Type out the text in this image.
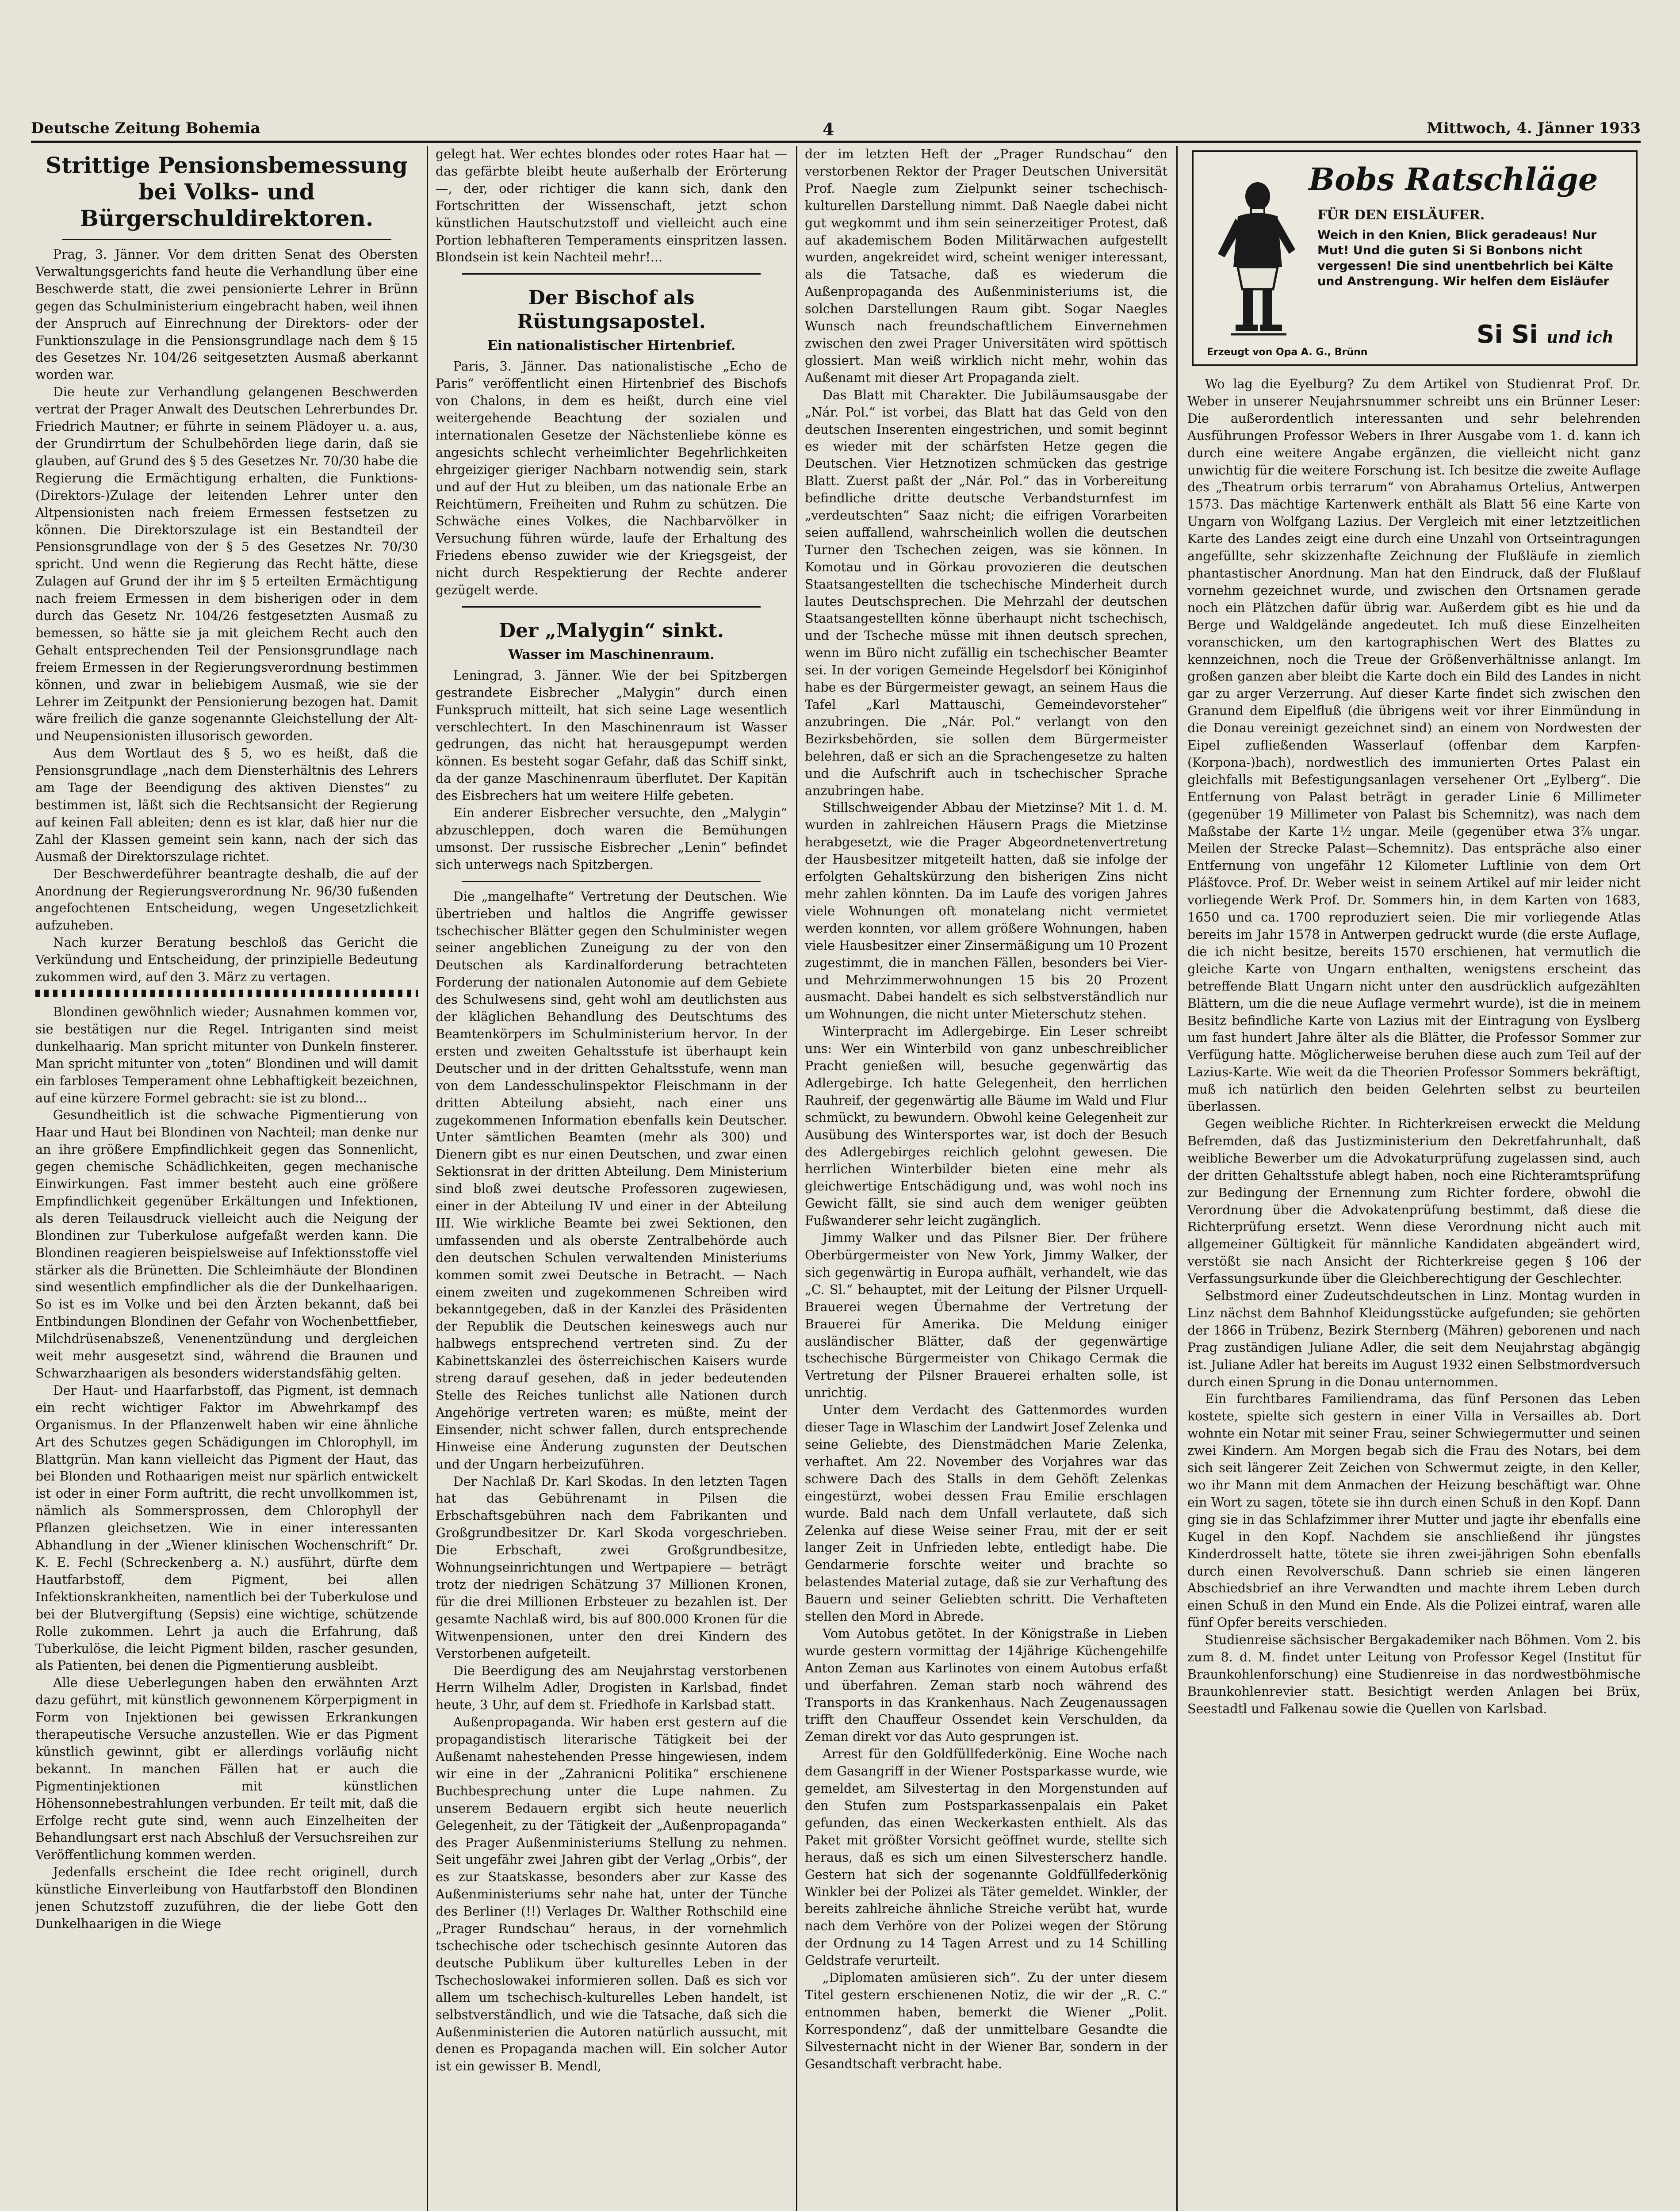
Deutsche Zeitung Bohemia	4	Mittwoch, 4. Jänner 1933
Strittige Pensionsbemessung bei Volks- und Bürgerschuldirektoren.

Prag, 3. Jänner. Vor dem dritten Senat des Obersten Verwaltungsgerichts fand heute die Verhandlung über eine Beschwerde statt, die zwei pensionierte Lehrer in Brünn gegen das Schulministerium eingebracht haben, weil ihnen der Anspruch auf Einrechnung der Direktors- oder der Funktionszulage in die Pensionsgrundlage nach dem § 15 des Gesetzes Nr. 104/26 seitgesetzten Ausmaß aberkannt worden war.

Die heute zur Verhandlung gelangenen Beschwerden vertrat der Prager Anwalt des Deutschen Lehrerbundes Dr. Friedrich Mautner; er führte in seinem Plädoyer u. a. aus, der Grundirrtum der Schulbehörden liege darin, daß sie glauben, auf Grund des § 5 des Gesetzes Nr. 70/30 habe die Regierung die Ermächtigung erhalten, die Funktions-(Direktors-)Zulage der leitenden Lehrer unter den Altpensionisten nach freiem Ermessen festsetzen zu können. Die Direktorszulage ist ein Bestandteil der Pensionsgrundlage von der § 5 des Gesetzes Nr. 70/30 spricht. Und wenn die Regierung das Recht hätte, diese Zulagen auf Grund der ihr im § 5 erteilten Ermächtigung nach freiem Ermessen in dem bisherigen oder in dem durch das Gesetz Nr. 104/26 festgesetzten Ausmaß zu bemessen, so hätte sie ja mit gleichem Recht auch den Gehalt entsprechenden Teil der Pensionsgrundlage nach freiem Ermessen in der Regierungsverordnung bestimmen können, und zwar in beliebigem Ausmaß, wie sie der Lehrer im Zeitpunkt der Pensionierung bezogen hat. Damit wäre freilich die ganze sogenannte Gleichstellung der Alt- und Neupensionisten illusorisch geworden.

Aus dem Wortlaut des § 5, wo es heißt, daß die Pensionsgrundlage „nach dem Diensterhältnis des Lehrers am Tage der Beendigung des aktiven Dienstes“ zu bestimmen ist, läßt sich die Rechtsansicht der Regierung auf keinen Fall ableiten; denn es ist klar, daß hier nur die Zahl der Klassen gemeint sein kann, nach der sich das Ausmaß der Direktorszulage richtet.

Der Beschwerdeführer beantragte deshalb, die auf der Anordnung der Regierungsverordnung Nr. 96/30 fußenden angefochtenen Entscheidung, wegen Ungesetzlichkeit aufzuheben.

Nach kurzer Beratung beschloß das Gericht die Verkündung und Entscheidung, der prinzipielle Bedeutung zukommen wird, auf den 3. März zu vertagen.

Blondinen gewöhnlich wieder; Ausnahmen kommen vor, sie bestätigen nur die Regel. Intriganten sind meist dunkelhaarig. Man spricht mitunter von Dunkeln finsterer. Man spricht mitunter von „toten“ Blondinen und will damit ein farbloses Temperament ohne Lebhaftigkeit bezeichnen, auf eine kürzere Formel gebracht: sie ist zu blond...

Gesundheitlich ist die schwache Pigmentierung von Haar und Haut bei Blondinen von Nachteil; man denke nur an ihre größere Empfindlichkeit gegen das Sonnenlicht, gegen chemische Schädlichkeiten, gegen mechanische Einwirkungen. Fast immer besteht auch eine größere Empfindlichkeit gegenüber Erkältungen und Infektionen, als deren Teilausdruck vielleicht auch die Neigung der Blondinen zur Tuberkulose aufgefaßt werden kann. Die Blondinen reagieren beispielsweise auf Infektionsstoffe viel stärker als die Brünetten. Die Schleimhäute der Blondinen sind wesentlich empfindlicher als die der Dunkelhaarigen. So ist es im Volke und bei den Ärzten bekannt, daß bei Entbindungen Blondinen der Gefahr von Wochenbettfieber, Milchdrüsenabszeß, Venenentzündung und dergleichen weit mehr ausgesetzt sind, während die Braunen und Schwarzhaarigen als besonders widerstandsfähig gelten.

Der Haut- und Haarfarbstoff, das Pigment, ist demnach ein recht wichtiger Faktor im Abwehrkampf des Organismus. In der Pflanzenwelt haben wir eine ähnliche Art des Schutzes gegen Schädigungen im Chlorophyll, im Blattgrün. Man kann vielleicht das Pigment der Haut, das bei Blonden und Rothaarigen meist nur spärlich entwickelt ist oder in einer Form auftritt, die recht unvollkommen ist, nämlich als Sommersprossen, dem Chlorophyll der Pflanzen gleichsetzen. Wie in einer interessanten Abhandlung in der „Wiener klinischen Wochenschrift“ Dr. K. E. Fechl (Schreckenberg a. N.) ausführt, dürfte dem Hautfarbstoff, dem Pigment, bei allen Infektionskrankheiten, namentlich bei der Tuberkulose und bei der Blutvergiftung (Sepsis) eine wichtige, schützende Rolle zukommen. Lehrt ja auch die Erfahrung, daß Tuberkulöse, die leicht Pigment bilden, rascher gesunden, als Patienten, bei denen die Pigmentierung ausbleibt.

Alle diese Ueberlegungen haben den erwähnten Arzt dazu geführt, mit künstlich gewonnenem Körperpigment in Form von Injektionen bei gewissen Erkrankungen therapeutische Versuche anzustellen. Wie er das Pigment künstlich gewinnt, gibt er allerdings vorläufig nicht bekannt. In manchen Fällen hat er auch die Pigmentinjektionen mit künstlichen Höhensonnebestrahlungen verbunden. Er teilt mit, daß die Erfolge recht gute sind, wenn auch Einzelheiten der Behandlungsart erst nach Abschluß der Versuchsreihen zur Veröffentlichung kommen werden.

Jedenfalls erscheint die Idee recht originell, durch künstliche Einverleibung von Hautfarbstoff den Blondinen jenen Schutzstoff zuzuführen, die der liebe Gott den Dunkelhaarigen in die Wiege

gelegt hat. Wer echtes blondes oder rotes Haar hat — das gefärbte bleibt heute außerhalb der Erörterung —, der, oder richtiger die kann sich, dank den Fortschritten der Wissenschaft, jetzt schon künstlichen Hautschutzstoff und vielleicht auch eine Portion lebhafteren Temperaments einspritzen lassen. Blondsein ist kein Nachteil mehr!...

Der Bischof als Rüstungsapostel.
Ein nationalistischer Hirtenbrief.

Paris, 3. Jänner. Das nationalistische „Echo de Paris“ veröffentlicht einen Hirtenbrief des Bischofs von Chalons, in dem es heißt, durch eine viel weitergehende Beachtung der sozialen und internationalen Gesetze der Nächstenliebe könne es angesichts schlecht verheimlichter Begehrlichkeiten ehrgeiziger gieriger Nachbarn notwendig sein, stark und auf der Hut zu bleiben, um das nationale Erbe an Reichtümern, Freiheiten und Ruhm zu schützen. Die Schwäche eines Volkes, die Nachbarvölker in Versuchung führen würde, laufe der Erhaltung des Friedens ebenso zuwider wie der Kriegsgeist, der nicht durch Respektierung der Rechte anderer gezügelt werde.

Der „Malygin“ sinkt.
Wasser im Maschinenraum.

Leningrad, 3. Jänner. Wie der bei Spitzbergen gestrandete Eisbrecher „Malygin“ durch einen Funkspruch mitteilt, hat sich seine Lage wesentlich verschlechtert. In den Maschinenraum ist Wasser gedrungen, das nicht hat herausgepumpt werden können. Es besteht sogar Gefahr, daß das Schiff sinkt, da der ganze Maschinenraum überflutet. Der Kapitän des Eisbrechers hat um weitere Hilfe gebeten.

Ein anderer Eisbrecher versuchte, den „Malygin“ abzuschleppen, doch waren die Bemühungen umsonst. Der russische Eisbrecher „Lenin“ befindet sich unterwegs nach Spitzbergen.

Die „mangelhafte“ Vertretung der Deutschen. Wie übertrieben und haltlos die Angriffe gewisser tschechischer Blätter gegen den Schulminister wegen seiner angeblichen Zuneigung zu der von den Deutschen als Kardinalforderung betrachteten Forderung der nationalen Autonomie auf dem Gebiete des Schulwesens sind, geht wohl am deutlichsten aus der kläglichen Behandlung des Deutschtums des Beamtenkörpers im Schulministerium hervor. In der ersten und zweiten Gehaltsstufe ist überhaupt kein Deutscher und in der dritten Gehaltsstufe, wenn man von dem Landesschulinspektor Fleischmann in der dritten Abteilung absieht, nach einer uns zugekommenen Information ebenfalls kein Deutscher. Unter sämtlichen Beamten (mehr als 300) und Dienern gibt es nur einen Deutschen, und zwar einen Sektionsrat in der dritten Abteilung. Dem Ministerium sind bloß zwei deutsche Professoren zugewiesen, einer in der Abteilung IV und einer in der Abteilung III. Wie wirkliche Beamte bei zwei Sektionen, den umfassenden und als oberste Zentralbehörde auch den deutschen Schulen verwaltenden Ministeriums kommen somit zwei Deutsche in Betracht. — Nach einem zweiten und zugekommenen Schreiben wird bekanntgegeben, daß in der Kanzlei des Präsidenten der Republik die Deutschen keineswegs auch nur halbwegs entsprechend vertreten sind. Zu der Kabinettskanzlei des österreichischen Kaisers wurde streng darauf gesehen, daß in jeder bedeutenden Stelle des Reiches tunlichst alle Nationen durch Angehörige vertreten waren; es müßte, meint der Einsender, nicht schwer fallen, durch entsprechende Hinweise eine Änderung zugunsten der Deutschen und der Ungarn herbeizuführen.

Der Nachlaß Dr. Karl Skodas. In den letzten Tagen hat das Gebührenamt in Pilsen die Erbschaftsgebühren nach dem Fabrikanten und Großgrundbesitzer Dr. Karl Skoda vorgeschrieben. Die Erbschaft, zwei Großgrundbesitze, Wohnungseinrichtungen und Wertpapiere — beträgt trotz der niedrigen Schätzung 37 Millionen Kronen, für die drei Millionen Erbsteuer zu bezahlen ist. Der gesamte Nachlaß wird, bis auf 800.000 Kronen für die Witwenpensionen, unter den drei Kindern des Verstorbenen aufgeteilt.

Die Beerdigung des am Neujahrstag verstorbenen Herrn Wilhelm Adler, Drogisten in Karlsbad, findet heute, 3 Uhr, auf dem st. Friedhofe in Karlsbad statt.

Außenpropaganda. Wir haben erst gestern auf die propagandistisch literarische Tätigkeit bei der Außenamt nahestehenden Presse hingewiesen, indem wir eine in der „Zahranicni Politika“ erschienene Buchbesprechung unter die Lupe nahmen. Zu unserem Bedauern ergibt sich heute neuerlich Gelegenheit, zu der Tätigkeit der „Außenpropaganda“ des Prager Außenministeriums Stellung zu nehmen. Seit ungefähr zwei Jahren gibt der Verlag „Orbis“, der es zur Staatskasse, besonders aber zur Kasse des Außenministeriums sehr nahe hat, unter der Tünche des Berliner (!!) Verlages Dr. Walther Rothschild eine „Prager Rundschau“ heraus, in der vornehmlich tschechische oder tschechisch gesinnte Autoren das deutsche Publikum über kulturelles Leben in der Tschechoslowakei informieren sollen. Daß es sich vor allem um tschechisch-kulturelles Leben handelt, ist selbstverständlich, und wie die Tatsache, daß sich die Außenministerien die Autoren natürlich aussucht, mit denen es Propaganda machen will. Ein solcher Autor ist ein gewisser B. Mendl,

der im letzten Heft der „Prager Rundschau“ den verstorbenen Rektor der Prager Deutschen Universität Prof. Naegle zum Zielpunkt seiner tschechisch-kulturellen Darstellung nimmt. Daß Naegle dabei nicht gut wegkommt und ihm sein seinerzeitiger Protest, daß auf akademischem Boden Militärwachen aufgestellt wurden, angekreidet wird, scheint weniger interessant, als die Tatsache, daß es wiederum die Außenpropaganda des Außenministeriums ist, die solchen Darstellungen Raum gibt. Sogar Naegles Wunsch nach freundschaftlichem Einvernehmen zwischen den zwei Prager Universitäten wird spöttisch glossiert. Man weiß wirklich nicht mehr, wohin das Außenamt mit dieser Art Propaganda zielt.

Das Blatt mit Charakter. Die Jubiläumsausgabe der „Nár. Pol.“ ist vorbei, das Blatt hat das Geld von den deutschen Inserenten eingestrichen, und somit beginnt es wieder mit der schärfsten Hetze gegen die Deutschen. Vier Hetznotizen schmücken das gestrige Blatt. Zuerst paßt der „Nár. Pol.“ das in Vorbereitung befindliche dritte deutsche Verbandsturnfest im „verdeutschten“ Saaz nicht; die eifrigen Vorarbeiten seien auffallend, wahrscheinlich wollen die deutschen Turner den Tschechen zeigen, was sie können. In Komotau und in Görkau provozieren die deutschen Staatsangestellten die tschechische Minderheit durch lautes Deutschsprechen. Die Mehrzahl der deutschen Staatsangestellten könne überhaupt nicht tschechisch, und der Tscheche müsse mit ihnen deutsch sprechen, wenn im Büro nicht zufällig ein tschechischer Beamter sei. In der vorigen Gemeinde Hegelsdorf bei Königinhof habe es der Bürgermeister gewagt, an seinem Haus die Tafel „Karl Mattauschi, Gemeindevorsteher“ anzubringen. Die „Nár. Pol.“ verlangt von den Bezirksbehörden, sie sollen dem Bürgermeister belehren, daß er sich an die Sprachengesetze zu halten und die Aufschrift auch in tschechischer Sprache anzubringen habe.

Stillschweigender Abbau der Mietzinse? Mit 1. d. M. wurden in zahlreichen Häusern Prags die Mietzinse herabgesetzt, wie die Prager Abgeordnetenvertretung der Hausbesitzer mitgeteilt hatten, daß sie infolge der erfolgten Gehaltskürzung den bisherigen Zins nicht mehr zahlen könnten. Da im Laufe des vorigen Jahres viele Wohnungen oft monatelang nicht vermietet werden konnten, vor allem größere Wohnungen, haben viele Hausbesitzer einer Zinsermäßigung um 10 Prozent zugestimmt, die in manchen Fällen, besonders bei Vier- und Mehrzimmerwohnungen 15 bis 20 Prozent ausmacht. Dabei handelt es sich selbstverständlich nur um Wohnungen, die nicht unter Mieterschutz stehen.

Winterpracht im Adlergebirge. Ein Leser schreibt uns: Wer ein Winterbild von ganz unbeschreiblicher Pracht genießen will, besuche gegenwärtig das Adlergebirge. Ich hatte Gelegenheit, den herrlichen Rauhreif, der gegenwärtig alle Bäume im Wald und Flur schmückt, zu bewundern. Obwohl keine Gelegenheit zur Ausübung des Wintersportes war, ist doch der Besuch des Adlergebirges reichlich gelohnt gewesen. Die herrlichen Winterbilder bieten eine mehr als gleichwertige Entschädigung und, was wohl noch ins Gewicht fällt, sie sind auch dem weniger geübten Fußwanderer sehr leicht zugänglich.

Jimmy Walker und das Pilsner Bier. Der frühere Oberbürgermeister von New York, Jimmy Walker, der sich gegenwärtig in Europa aufhält, verhandelt, wie das „C. Sl.“ behauptet, mit der Leitung der Pilsner Urquell-Brauerei wegen Übernahme der Vertretung der Brauerei für Amerika. Die Meldung einiger ausländischer Blätter, daß der gegenwärtige tschechische Bürgermeister von Chikago Cermak die Vertretung der Pilsner Brauerei erhalten solle, ist unrichtig.

Unter dem Verdacht des Gattenmordes wurden dieser Tage in Wlaschim der Landwirt Josef Zelenka und seine Geliebte, des Dienstmädchen Marie Zelenka, verhaftet. Am 22. November des Vorjahres war das schwere Dach des Stalls in dem Gehöft Zelenkas eingestürzt, wobei dessen Frau Emilie erschlagen wurde. Bald nach dem Unfall verlautete, daß sich Zelenka auf diese Weise seiner Frau, mit der er seit langer Zeit in Unfrieden lebte, entledigt habe. Die Gendarmerie forschte weiter und brachte so belastendes Material zutage, daß sie zur Verhaftung des Bauern und seiner Geliebten schritt. Die Verhafteten stellen den Mord in Abrede.

Vom Autobus getötet. In der Königstraße in Lieben wurde gestern vormittag der 14jährige Küchengehilfe Anton Zeman aus Karlinotes von einem Autobus erfaßt und überfahren. Zeman starb noch während des Transports in das Krankenhaus. Nach Zeugenaussagen trifft den Chauffeur Ossendet kein Verschulden, da Zeman direkt vor das Auto gesprungen ist.

Arrest für den Goldfüllfederkönig. Eine Woche nach dem Gasangriff in der Wiener Postsparkasse wurde, wie gemeldet, am Silvestertag in den Morgenstunden auf den Stufen zum Postsparkassenpalais ein Paket gefunden, das einen Weckerkasten enthielt. Als das Paket mit größter Vorsicht geöffnet wurde, stellte sich heraus, daß es sich um einen Silvesterscherz handle. Gestern hat sich der sogenannte Goldfüllfederkönig Winkler bei der Polizei als Täter gemeldet. Winkler, der bereits zahlreiche ähnliche Streiche verübt hat, wurde nach dem Verhöre von der Polizei wegen der Störung der Ordnung zu 14 Tagen Arrest und zu 14 Schilling Geldstrafe verurteilt.

„Diplomaten amüsieren sich“. Zu der unter diesem Titel gestern erschienenen Notiz, die wir der „R. C.“ entnommen haben, bemerkt die Wiener „Polit. Korrespondenz“, daß der unmittelbare Gesandte die Silvesternacht nicht in der Wiener Bar, sondern in der Gesandtschaft verbracht habe.

Bobs Ratschläge
FÜR DEN EISLÄUFER.
Weich in den Knien, Blick geradeaus! Nur Mut! Und die guten Si Si Bonbons nicht vergessen! Die sind unentbehrlich bei Kälte und Anstrengung. Wir helfen dem Eisläufer
Si Si und ich
Erzeugt von Opa A. G., Brünn

Wo lag die Eyelburg? Zu dem Artikel von Studienrat Prof. Dr. Weber in unserer Neujahrsnummer schreibt uns ein Brünner Leser: Die außerordentlich interessanten und sehr belehrenden Ausführungen Professor Webers in Ihrer Ausgabe vom 1. d. kann ich durch eine weitere Angabe ergänzen, die vielleicht nicht ganz unwichtig für die weitere Forschung ist. Ich besitze die zweite Auflage des „Theatrum orbis terrarum“ von Abrahamus Ortelius, Antwerpen 1573. Das mächtige Kartenwerk enthält als Blatt 56 eine Karte von Ungarn von Wolfgang Lazius. Der Vergleich mit einer letztzeitlichen Karte des Landes zeigt eine durch eine Unzahl von Ortseintragungen angefüllte, sehr skizzenhafte Zeichnung der Flußläufe in ziemlich phantastischer Anordnung. Man hat den Eindruck, daß der Flußlauf vornehm gezeichnet wurde, und zwischen den Ortsnamen gerade noch ein Plätzchen dafür übrig war. Außerdem gibt es hie und da Berge und Waldgelände angedeutet. Ich muß diese Einzelheiten voranschicken, um den kartographischen Wert des Blattes zu kennzeichnen, noch die Treue der Größenverhältnisse anlangt. Im großen ganzen aber bleibt die Karte doch ein Bild des Landes in nicht gar zu arger Verzerrung. Auf dieser Karte findet sich zwischen den Granund dem Eipelfluß (die übrigens weit vor ihrer Einmündung in die Donau vereinigt gezeichnet sind) an einem von Nordwesten der Eipel zufließenden Wasserlauf (offenbar dem Karpfen- (Korpona-)bach), nordwestlich des immunierten Ortes Palast ein gleichfalls mit Befestigungsanlagen versehener Ort „Eylberg“. Die Entfernung von Palast beträgt in gerader Linie 6 Millimeter (gegenüber 19 Millimeter von Palast bis Schemnitz), was nach dem Maßstabe der Karte 1½ ungar. Meile (gegenüber etwa 3⅞ ungar. Meilen der Strecke Palast—Schemnitz). Das entspräche also einer Entfernung von ungefähr 12 Kilometer Luftlinie von dem Ort Plášťovce. Prof. Dr. Weber weist in seinem Artikel auf mir leider nicht vorliegende Werk Prof. Dr. Sommers hin, in dem Karten von 1683, 1650 und ca. 1700 reproduziert seien. Die mir vorliegende Atlas bereits im Jahr 1578 in Antwerpen gedruckt wurde (die erste Auflage, die ich nicht besitze, bereits 1570 erschienen, hat vermutlich die gleiche Karte von Ungarn enthalten, wenigstens erscheint das betreffende Blatt Ungarn nicht unter den ausdrücklich aufgezählten Blättern, um die die neue Auflage vermehrt wurde), ist die in meinem Besitz befindliche Karte von Lazius mit der Eintragung von Eyslberg um fast hundert Jahre älter als die Blätter, die Professor Sommer zur Verfügung hatte. Möglicherweise beruhen diese auch zum Teil auf der Lazius-Karte. Wie weit da die Theorien Professor Sommers bekräftigt, muß ich natürlich den beiden Gelehrten selbst zu beurteilen überlassen.

Gegen weibliche Richter. In Richterkreisen erweckt die Meldung Befremden, daß das Justizministerium den Dekretfahrunhalt, daß weibliche Bewerber um die Advokaturprüfung zugelassen sind, auch der dritten Gehaltsstufe ablegt haben, noch eine Richteramtsprüfung zur Bedingung der Ernennung zum Richter fordere, obwohl die Verordnung über die Advokatenprüfung bestimmt, daß diese die Richterprüfung ersetzt. Wenn diese Verordnung nicht auch mit allgemeiner Gültigkeit für männliche Kandidaten abgeändert wird, verstößt sie nach Ansicht der Richterkreise gegen § 106 der Verfassungsurkunde über die Gleichberechtigung der Geschlechter.

Selbstmord einer Zudeutschdeutschen in Linz. Montag wurden in Linz nächst dem Bahnhof Kleidungsstücke aufgefunden; sie gehörten der 1866 in Trübenz, Bezirk Sternberg (Mähren) geborenen und nach Prag zuständigen Juliane Adler, die seit dem Neujahrstag abgängig ist. Juliane Adler hat bereits im August 1932 einen Selbstmordversuch durch einen Sprung in die Donau unternommen.

Ein furchtbares Familiendrama, das fünf Personen das Leben kostete, spielte sich gestern in einer Villa in Versailles ab. Dort wohnte ein Notar mit seiner Frau, seiner Schwiegermutter und seinen zwei Kindern. Am Morgen begab sich die Frau des Notars, bei dem sich seit längerer Zeit Zeichen von Schwermut zeigte, in den Keller, wo ihr Mann mit dem Anmachen der Heizung beschäftigt war. Ohne ein Wort zu sagen, tötete sie ihn durch einen Schuß in den Kopf. Dann ging sie in das Schlafzimmer ihrer Mutter und jagte ihr ebenfalls eine Kugel in den Kopf. Nachdem sie anschließend ihr jüngstes Kinderdrosselt hatte, tötete sie ihren zwei-jährigen Sohn ebenfalls durch einen Revolverschuß. Dann schrieb sie einen längeren Abschiedsbrief an ihre Verwandten und machte ihrem Leben durch einen Schuß in den Mund ein Ende. Als die Polizei eintraf, waren alle fünf Opfer bereits verschieden.

Studienreise sächsischer Bergakademiker nach Böhmen. Vom 2. bis zum 8. d. M. findet unter Leitung von Professor Kegel (Institut für Braunkohlenforschung) eine Studienreise in das nordwestböhmische Braunkohlenrevier statt. Besichtigt werden Anlagen bei Brüx, Seestadtl und Falkenau sowie die Quellen von Karlsbad.
